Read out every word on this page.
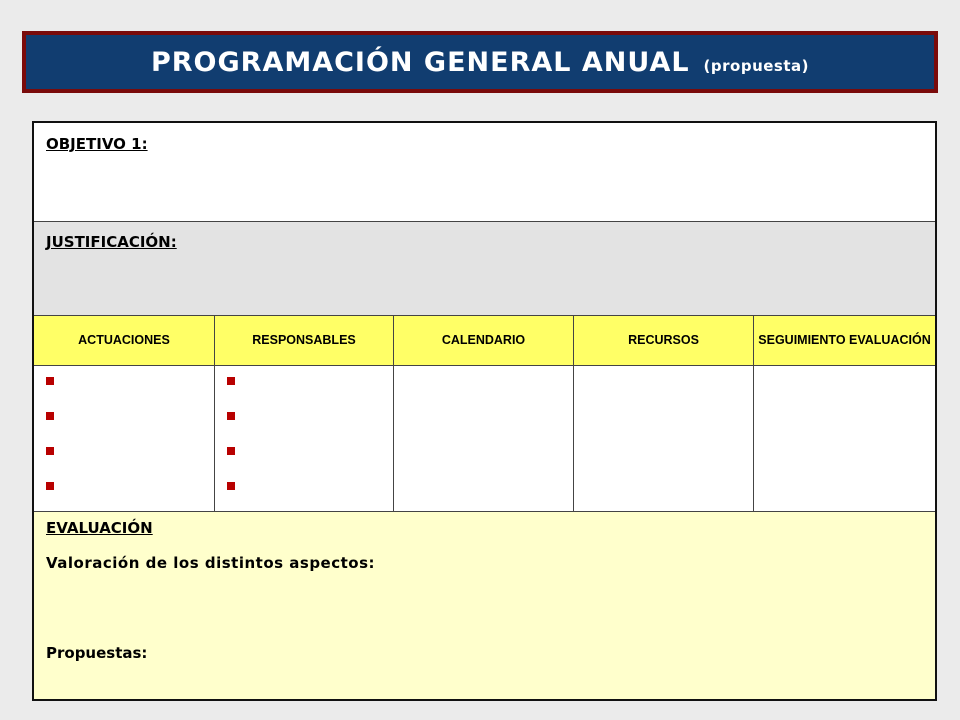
PROGRAMACIÓN GENERAL ANUAL (propuesta)
OBJETIVO 1:
JUSTIFICACIÓN:
ACTUACIONES	RESPONSABLES	CALENDARIO	RECURSOS	SEGUIMIENTO EVALUACIÓN
EVALUACIÓN
Valoración de los distintos aspectos:
Propuestas:
